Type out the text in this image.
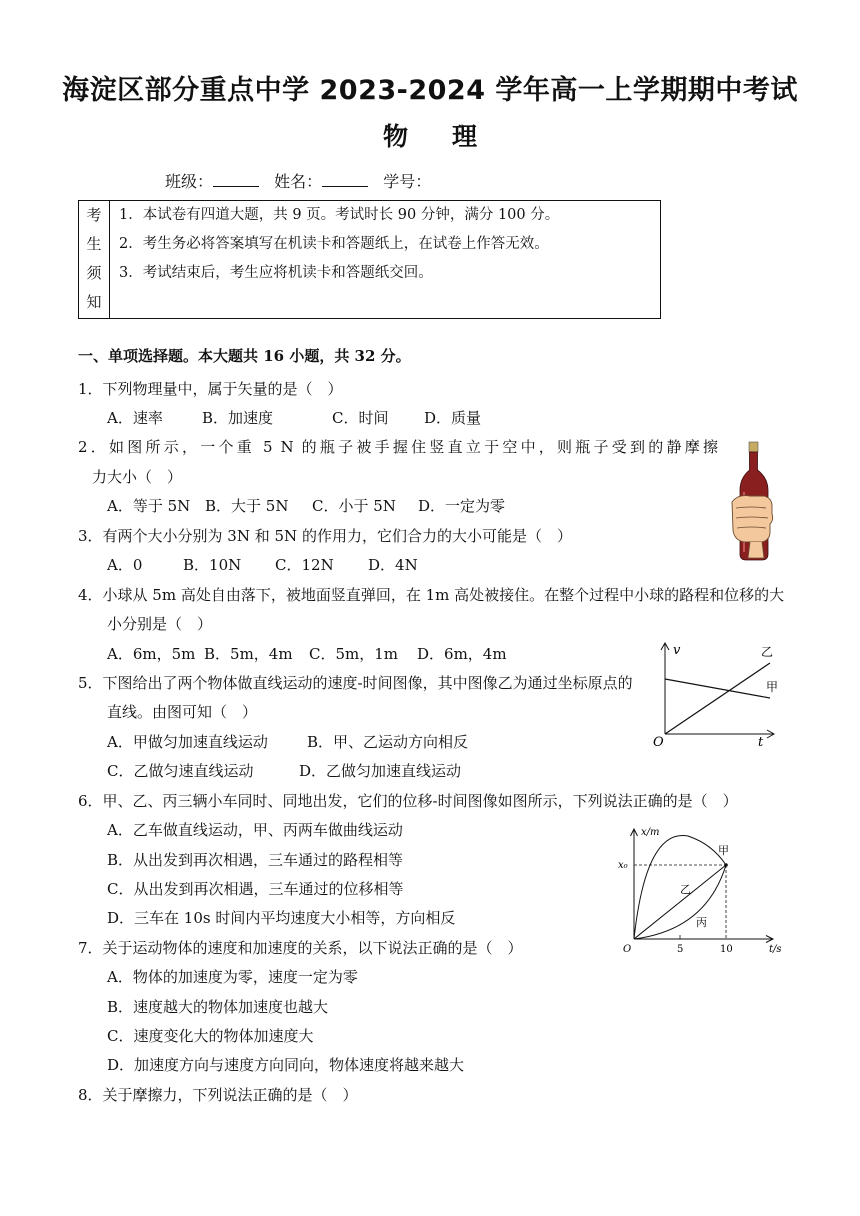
海淀区部分重点中学 2023-2024 学年高一上学期期中考试
物理
班级：	姓名：	学号：
考
生
须
知
1．本试卷有四道大题，共 9 页。考试时长 90 分钟，满分 100 分。
2．考生务必将答案填写在机读卡和答题纸上，在试卷上作答无效。
3．考试结束后，考生应将机读卡和答题纸交回。
一、单项选择题。本大题共 16 小题，共 32 分。
1．下列物理量中，属于矢量的是（　）
A．速率	B．加速度	C．时间 D．质量
2．如图所示，一个重 5 N 的瓶子被手握住竖直立于空中，则瓶子受到的静摩擦
力大小（　）
A．等于 5N B．大于 5N C．小于 5N D．一定为零
3．有两个大小分别为 3N 和 5N 的作用力，它们合力的大小可能是（　）
A．0	B．10N C．12N D．4N
4．小球从 5m 高处自由落下，被地面竖直弹回，在 1m 高处被接住。在整个过程中小球的路程和位移的大
小分别是（　）
A．6m，5m B．5m，4m C．5m，1m D．6m，4m
5．下图给出了两个物体做直线运动的速度-时间图像，其中图像乙为通过坐标原点的
直线。由图可知（　）
A．甲做匀加速直线运动	B．甲、乙运动方向相反
C．乙做匀速直线运动	D．乙做匀加速直线运动
v
t
O
乙
甲
6．甲、乙、丙三辆小车同时、同地出发，它们的位移-时间图像如图所示，下列说法正确的是（　）
A．乙车做直线运动，甲、丙两车做曲线运动
B．从出发到再次相遇，三车通过的路程相等
C．从出发到再次相遇，三车通过的位移相等
D．三车在 10s 时间内平均速度大小相等，方向相反
x/m
t/s
O
x₀
5	10
甲
乙
丙
7．关于运动物体的速度和加速度的关系，以下说法正确的是（　）
A．物体的加速度为零，速度一定为零
B．速度越大的物体加速度也越大
C．速度变化大的物体加速度大
D．加速度方向与速度方向同向，物体速度将越来越大
8．关于摩擦力，下列说法正确的是（　）
